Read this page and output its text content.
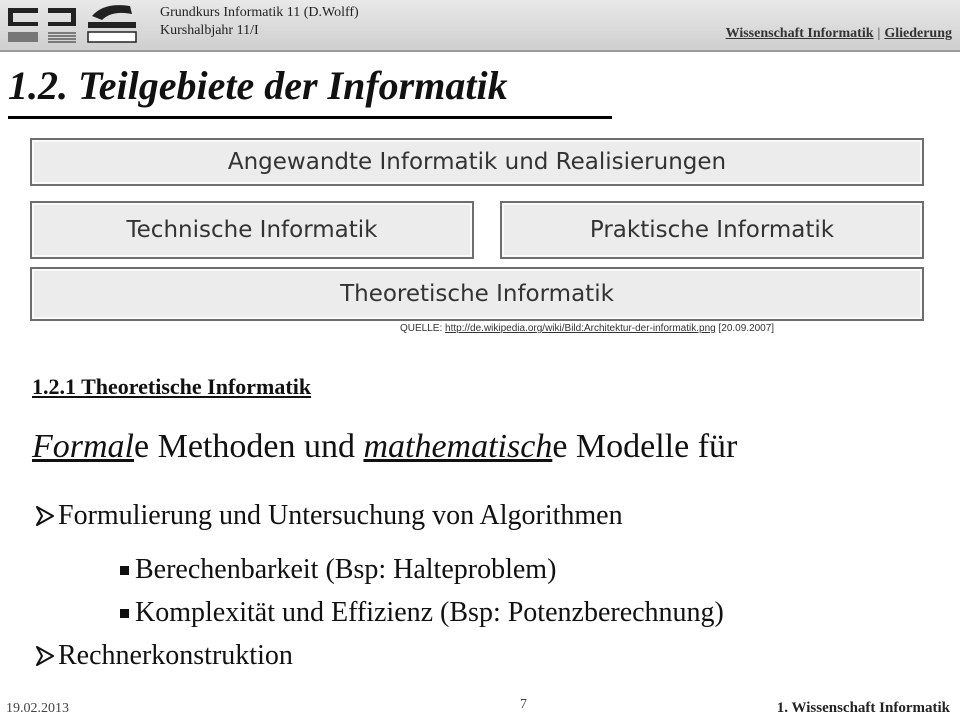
Grundkurs Informatik 11 (D.Wolff)
Kurshalbjahr 11/I	Wissenschaft Informatik | Gliederung
1.2. Teilgebiete der Informatik
Angewandte Informatik und Realisierungen
Technische Informatik	Praktische Informatik
Theoretische Informatik
QUELLE: http://de.wikipedia.org/wiki/Bild:Architektur-der-informatik.png [20.09.2007]
1.2.1 Theoretische Informatik
Formale Methoden und mathematische Modelle für
Formulierung und Untersuchung von Algorithmen
Berechenbarkeit (Bsp: Halteproblem)
Komplexität und Effizienz (Bsp: Potenzberechnung)
Rechnerkonstruktion
19.02.2013	7	1. Wissenschaft Informatik
